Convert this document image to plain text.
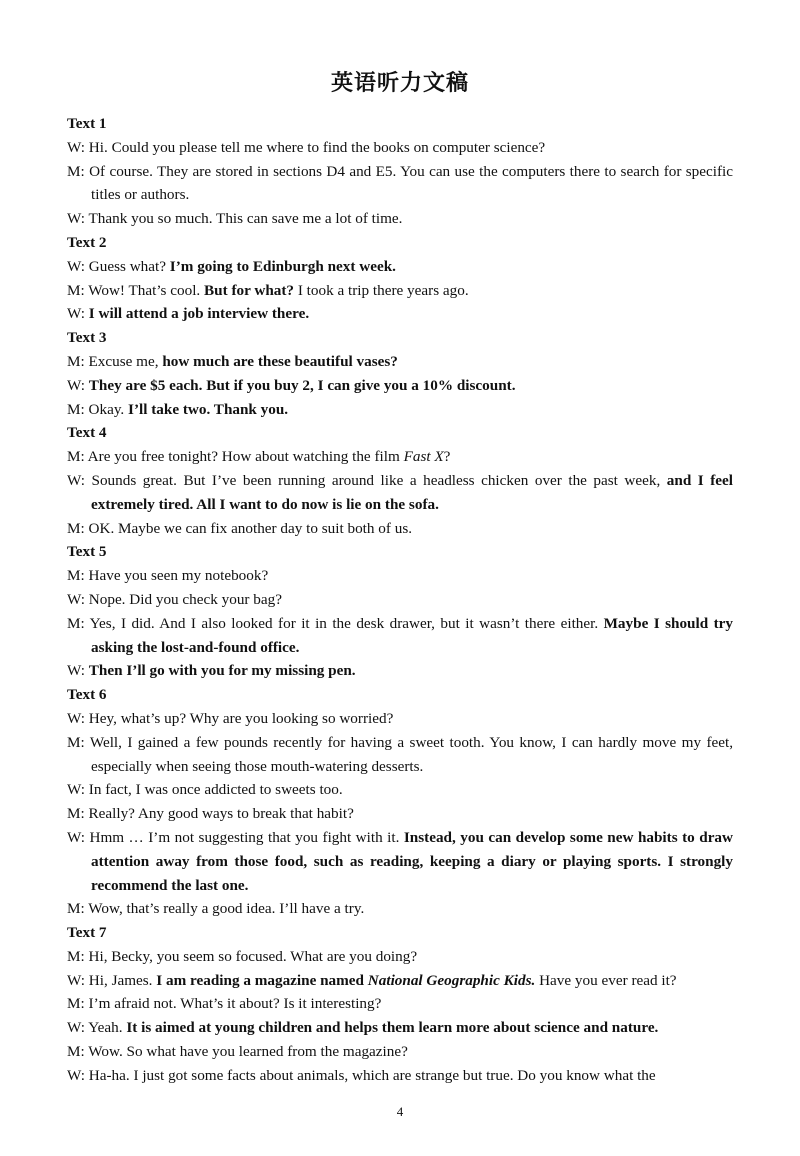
英语听力文稿

Text 1

W: Hi. Could you please tell me where to find the books on computer science?

M: Of course. They are stored in sections D4 and E5. You can use the computers there to search for specific titles or authors.

W: Thank you so much. This can save me a lot of time.

Text 2

W: Guess what? I’m going to Edinburgh next week.

M: Wow! That’s cool. But for what? I took a trip there years ago.

W: I will attend a job interview there.

Text 3

M: Excuse me, how much are these beautiful vases?

W: They are $5 each. But if you buy 2, I can give you a 10% discount.

M: Okay. I’ll take two. Thank you.

Text 4

M: Are you free tonight? How about watching the film Fast X?

W: Sounds great. But I’ve been running around like a headless chicken over the past week, and I feel extremely tired. All I want to do now is lie on the sofa.

M: OK. Maybe we can fix another day to suit both of us.

Text 5

M: Have you seen my notebook?

W: Nope. Did you check your bag?

M: Yes, I did. And I also looked for it in the desk drawer, but it wasn’t there either. Maybe I should try asking the lost-and-found office.

W: Then I’ll go with you for my missing pen.

Text 6

W: Hey, what’s up? Why are you looking so worried?

M: Well, I gained a few pounds recently for having a sweet tooth. You know, I can hardly move my feet, especially when seeing those mouth-watering desserts.

W: In fact, I was once addicted to sweets too.

M: Really? Any good ways to break that habit?

W: Hmm … I’m not suggesting that you fight with it. Instead, you can develop some new habits to draw attention away from those food, such as reading, keeping a diary or playing sports. I strongly recommend the last one.

M: Wow, that’s really a good idea. I’ll have a try.

Text 7

M: Hi, Becky, you seem so focused. What are you doing?

W: Hi, James. I am reading a magazine named National Geographic Kids. Have you ever read it?

M: I’m afraid not. What’s it about? Is it interesting?

W: Yeah. It is aimed at young children and helps them learn more about science and nature.

M: Wow. So what have you learned from the magazine?

W: Ha-ha. I just got some facts about animals, which are strange but true. Do you know what the

4
